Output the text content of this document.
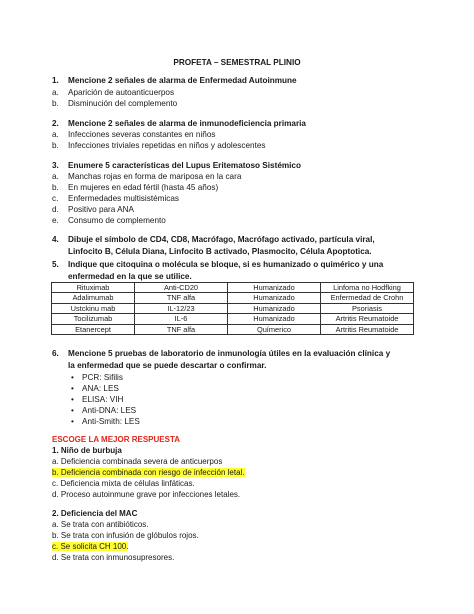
PROFETA – SEMESTRAL PLINIO
1. Mencione 2 señales de alarma de Enfermedad Autoinmune
a. Aparición de autoanticuerpos
b. Disminución del complemento
2. Mencione 2 señales de alarma de inmunodeficiencia primaria
a. Infecciones severas constantes en niños
b. Infecciones triviales repetidas en niños y adolescentes
3. Enumere 5 características del Lupus Eritematoso Sistémico
a. Manchas rojas en forma de mariposa en la cara
b. En mujeres en edad fértil (hasta 45 años)
c. Enfermedades multisistémicas
d. Positivo para ANA
e. Consumo de complemento
4. Dibuje el símbolo de CD4, CD8, Macrófago, Macrófago activado, partícula viral, Linfocito B, Célula Diana, Linfocito B activado, Plasmocito, Célula Apoptotica.
5. Indique que citoquina o molécula se bloque, si es humanizado o quimérico y una enfermedad en la que se utilice.
Rituximab	Anti-CD20	Humanizado	Linfoma no Hodfking
Adalimumab	TNF alfa	Humanizado	Enfermedad de Crohn
Ustckinu mab	IL-12/23	Humanizado	Psoriasis
Tocilizumab	IL-6	Humanizado	Artritis Reumatoide
Etanercept	TNF alfa	Químerico	Artritis Reumatoide
6. Mencione 5 pruebas de laboratorio de inmunología útiles en la evaluación clínica y la enfermedad que se puede descartar o confirmar.
• PCR: Sifilis
• ANA: LES
• ELISA: VIH
• Anti-DNA: LES
• Anti-Smith: LES
ESCOGE LA MEJOR RESPUESTA
1. Niño de burbuja
a. Deficiencia combinada severa de anticuerpos
b. Deficiencia combinada con riesgo de infección letal.
c. Deficiencia mixta de células linfáticas.
d. Proceso autoinmune grave por infecciones letales.
2. Deficiencia del MAC
a. Se trata con antibióticos.
b. Se trata con infusión de glóbulos rojos.
c. Se solicita CH 100.
d. Se trata con inmunosupresores.
